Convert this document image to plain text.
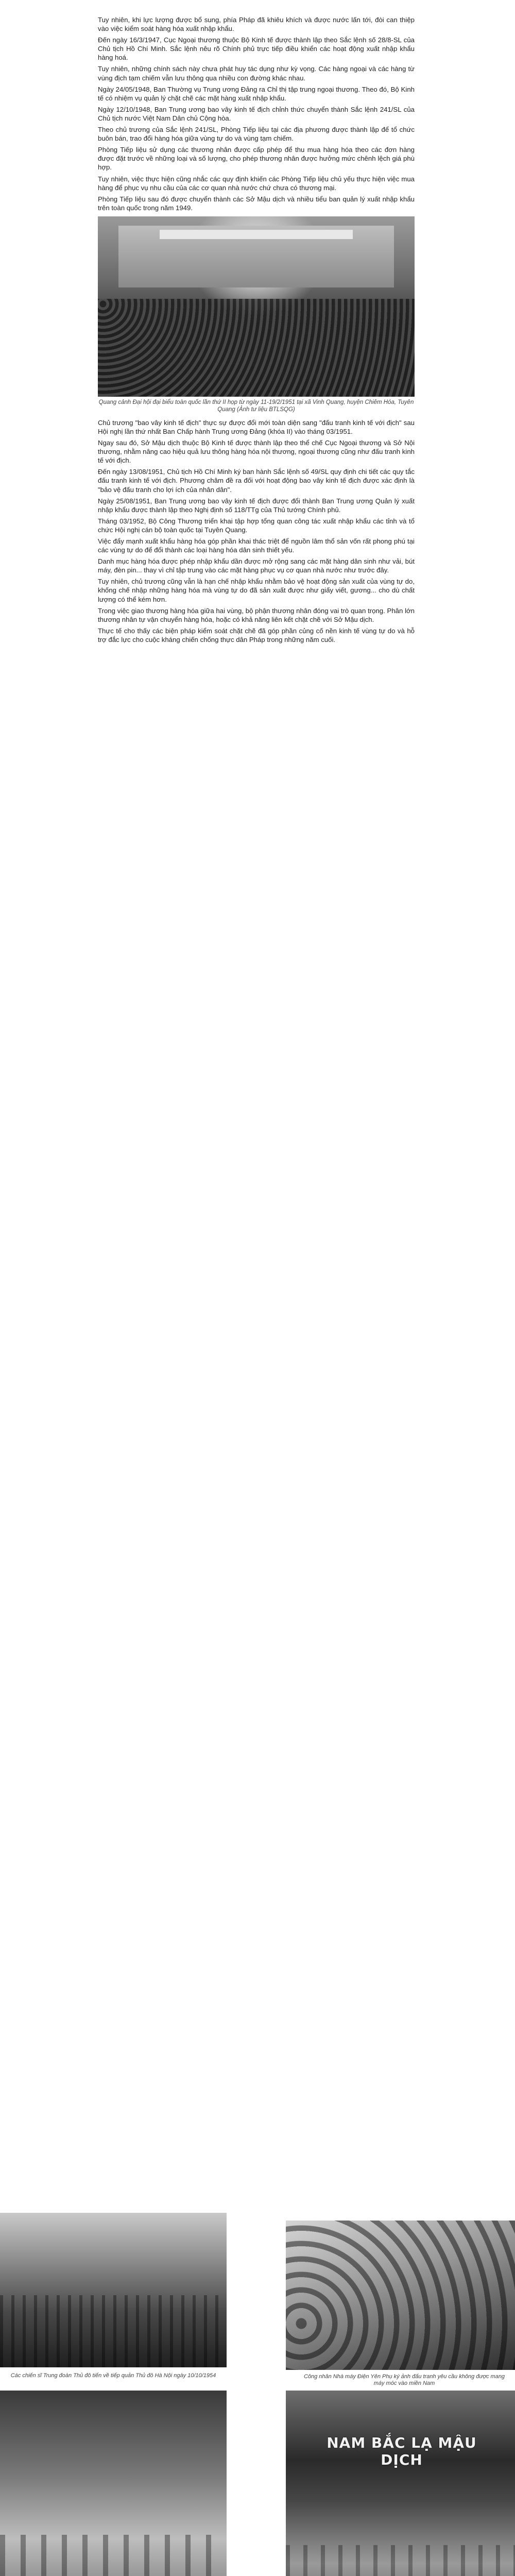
Tuy nhiên, khi lực lượng được bổ sung, phía Pháp đã khiêu khích và được nước lấn tới, đòi can thiệp vào việc kiểm soát hàng hóa xuất nhập khẩu.

Đến ngày 16/3/1947, Cục Ngoại thương thuộc Bộ Kinh tế được thành lập theo Sắc lệnh số 28/8-SL của Chủ tịch Hồ Chí Minh. Sắc lệnh nêu rõ Chính phủ trực tiếp điều khiển các hoạt động xuất nhập khẩu hàng hoá.

Tuy nhiên, những chính sách này chưa phát huy tác dụng như kỳ vọng. Các hàng ngoại và các hàng từ vùng địch tạm chiếm vẫn lưu thông qua nhiều con đường khác nhau.

Ngày 24/05/1948, Ban Thường vụ Trung ương Đảng ra Chỉ thị tập trung ngoại thương. Theo đó, Bộ Kinh tế có nhiệm vụ quản lý chặt chẽ các mặt hàng xuất nhập khẩu.

Ngày 12/10/1948, Ban Trung ương bao vây kinh tế địch chỉnh thức chuyển thành Sắc lệnh 241/SL của Chủ tịch nước Việt Nam Dân chủ Cộng hòa.

Theo chủ trương của Sắc lệnh 241/SL, Phòng Tiếp liệu tại các địa phương được thành lập để tổ chức buôn bán, trao đổi hàng hóa giữa vùng tự do và vùng tạm chiếm.

Phòng Tiếp liệu sử dụng các thương nhân được cấp phép để thu mua hàng hóa theo các đơn hàng được đặt trước về những loại và số lượng, cho phép thương nhân được hưởng mức chênh lệch giá phù hợp.

Tuy nhiên, việc thực hiện cũng nhắc các quy định khiến các Phòng Tiếp liệu chủ yếu thực hiện việc mua hàng để phục vụ nhu cầu của các cơ quan nhà nước chứ chưa có thương mại.

Phòng Tiếp liệu sau đó được chuyển thành các Sở Mậu dịch và nhiều tiểu ban quản lý xuất nhập khẩu trên toàn quốc trong năm 1949.

Quang cảnh Đại hội đại biểu toàn quốc lần thứ II họp từ ngày 11-19/2/1951 tại xã Vinh Quang, huyện Chiêm Hóa, Tuyên Quang (Ảnh tư liệu BTLSQG)

Chủ trương "bao vây kinh tế địch" thực sự được đổi mới toàn diện sang "đấu tranh kinh tế với địch" sau Hội nghị lần thứ nhất Ban Chấp hành Trung ương Đảng (khóa II) vào tháng 03/1951.

Ngay sau đó, Sở Mậu dịch thuộc Bộ Kinh tế được thành lập theo thể chế Cục Ngoại thương và Sở Nội thương, nhằm nâng cao hiệu quả lưu thông hàng hóa nội thương, ngoại thương cũng như đấu tranh kinh tế với địch.

Đến ngày 13/08/1951, Chủ tịch Hồ Chí Minh ký ban hành Sắc lệnh số 49/SL quy định chi tiết các quy tắc đấu tranh kinh tế với địch. Phương châm đề ra đối với hoạt động bao vây kinh tế địch được xác định là "bảo vệ đấu tranh cho lợi ích của nhân dân".

Ngày 25/08/1951, Ban Trung ương bao vây kinh tế địch được đổi thành Ban Trung ương Quản lý xuất nhập khẩu được thành lập theo Nghị định số 118/TTg của Thủ tướng Chính phủ.

Tháng 03/1952, Bộ Công Thương triển khai tập hợp tổng quan công tác xuất nhập khẩu các tỉnh và tổ chức Hội nghị cán bộ toàn quốc tại Tuyên Quang.

Việc đẩy mạnh xuất khẩu hàng hóa góp phần khai thác triệt để nguồn lâm thổ sản vốn rất phong phú tại các vùng tự do để đổi thành các loại hàng hóa dân sinh thiết yếu.

Danh mục hàng hóa được phép nhập khẩu dần được mở rộng sang các mặt hàng dân sinh như vải, bút máy, đèn pin... thay vì chỉ tập trung vào các mặt hàng phục vụ cơ quan nhà nước như trước đây.

Tuy nhiên, chủ trương cũng vẫn là hạn chế nhập khẩu nhằm bảo vệ hoạt động sản xuất của vùng tự do, khống chế nhập những hàng hóa mà vùng tự do đã sản xuất được như giấy viết, gương... cho dù chất lượng có thể kém hơn.

Trong việc giao thương hàng hóa giữa hai vùng, bộ phận thương nhân đóng vai trò quan trọng. Phân lớn thương nhân tự vận chuyển hàng hóa, hoặc có khả năng liên kết chặt chẽ với Sở Mậu dịch.

Thực tế cho thấy các biện pháp kiểm soát chặt chẽ đã góp phần củng cố nền kinh tế vùng tự do và hỗ trợ đắc lực cho cuộc kháng chiến chống thực dân Pháp trong những năm cuối.

Các chiến sĩ Trung đoàn Thủ đô tiến về tiếp quản Thủ đô Hà Nội ngày 10/10/1954	Công nhân Nhà máy Điện Yên Phụ ký ảnh đấu tranh yêu cầu không được mang máy móc vào miền Nam
NAM BẮC LẠ MẬU DỊCH
